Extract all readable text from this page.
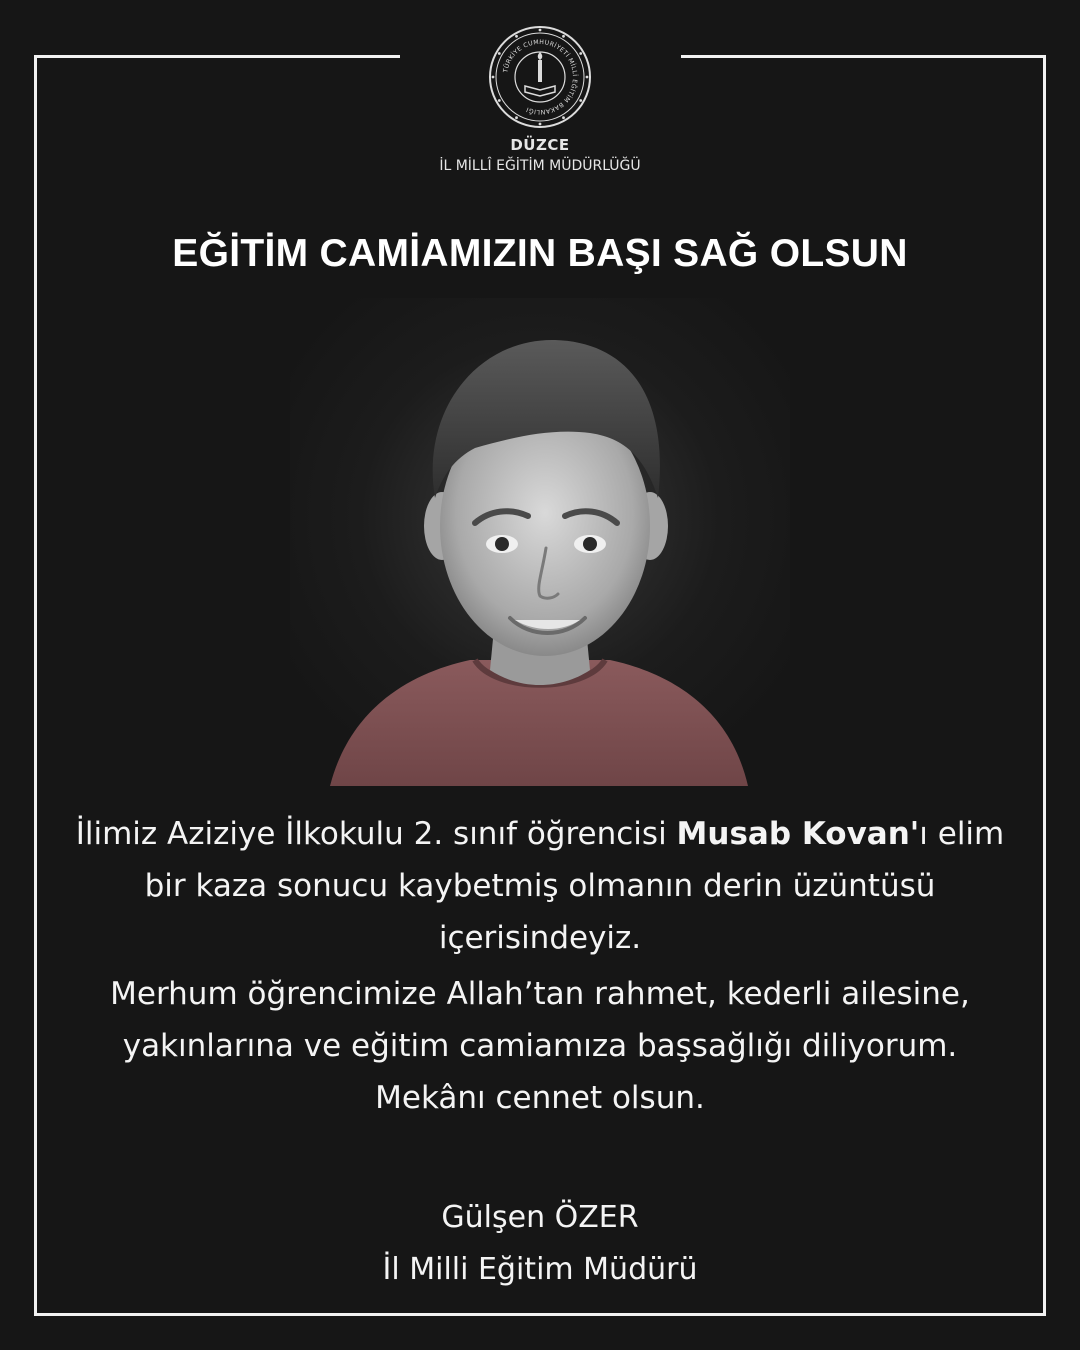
TÜRKİYE CUMHURİYETİ MİLLİ EĞİTİM BAKANLIĞI
DÜZCE
İL MİLLÎ EĞİTİM MÜDÜRLÜĞÜ
EĞİTİM CAMİAMIZIN BAŞI SAĞ OLSUN

İlimiz Aziziye İlkokulu 2. sınıf öğrencisi Musab Kovan'ı elim
bir kaza sonucu kaybetmiş olmanın derin üzüntüsü
içerisindeyiz.

Merhum öğrencimize Allah’tan rahmet, kederli ailesine,
yakınlarına ve eğitim camiamıza başsağlığı diliyorum.
Mekânı cennet olsun.

Gülşen ÖZER
İl Milli Eğitim Müdürü
